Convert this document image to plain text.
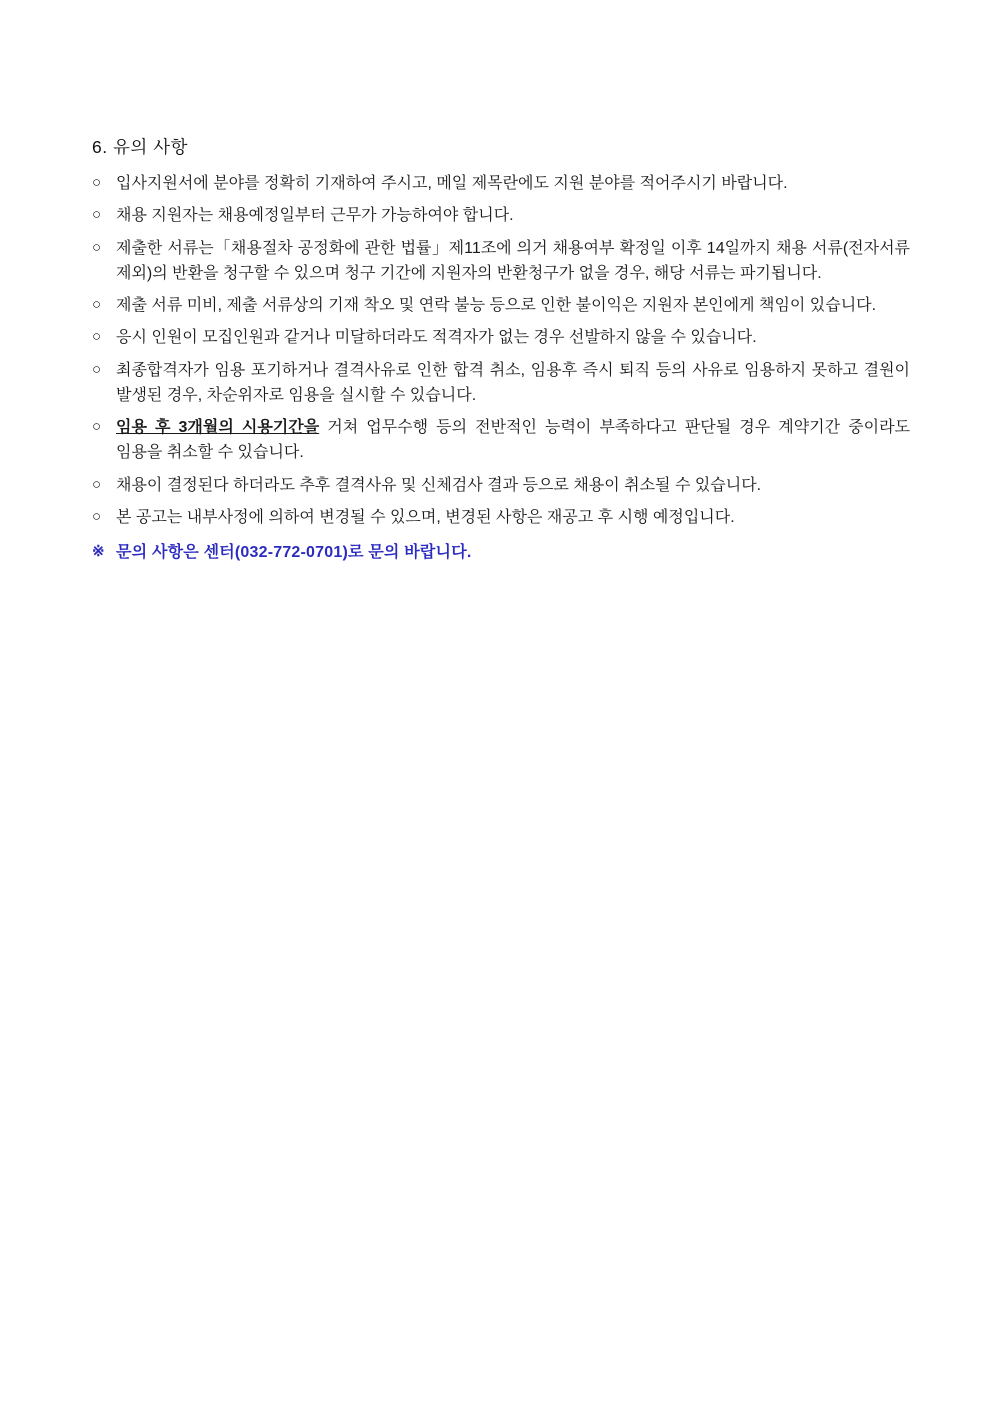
6. 유의 사항
○ 입사지원서에 분야를 정확히 기재하여 주시고, 메일 제목란에도 지원 분야를 적어주시기 바랍니다.
○ 채용 지원자는 채용예정일부터 근무가 가능하여야 합니다.
○ 제출한 서류는「채용절차 공정화에 관한 법률」제11조에 의거 채용여부 확정일 이후 14일까지 채용 서류(전자서류 제외)의 반환을 청구할 수 있으며 청구 기간에 지원자의 반환청구가 없을 경우, 해당 서류는 파기됩니다.
○ 제출 서류 미비, 제출 서류상의 기재 착오 및 연락 불능 등으로 인한 불이익은 지원자 본인에게 책임이 있습니다.
○ 응시 인원이 모집인원과 같거나 미달하더라도 적격자가 없는 경우 선발하지 않을 수 있습니다.
○ 최종합격자가 임용 포기하거나 결격사유로 인한 합격 취소, 임용후 즉시 퇴직 등의 사유로 임용하지 못하고 결원이 발생된 경우, 차순위자로 임용을 실시할 수 있습니다.
○ 임용 후 3개월의 시용기간을 거쳐 업무수행 등의 전반적인 능력이 부족하다고 판단될 경우 계약기간 중이라도 임용을 취소할 수 있습니다.
○ 채용이 결정된다 하더라도 추후 결격사유 및 신체검사 결과 등으로 채용이 취소될 수 있습니다.
○ 본 공고는 내부사정에 의하여 변경될 수 있으며, 변경된 사항은 재공고 후 시행 예정입니다.
※ 문의 사항은 센터(032-772-0701)로 문의 바랍니다.
